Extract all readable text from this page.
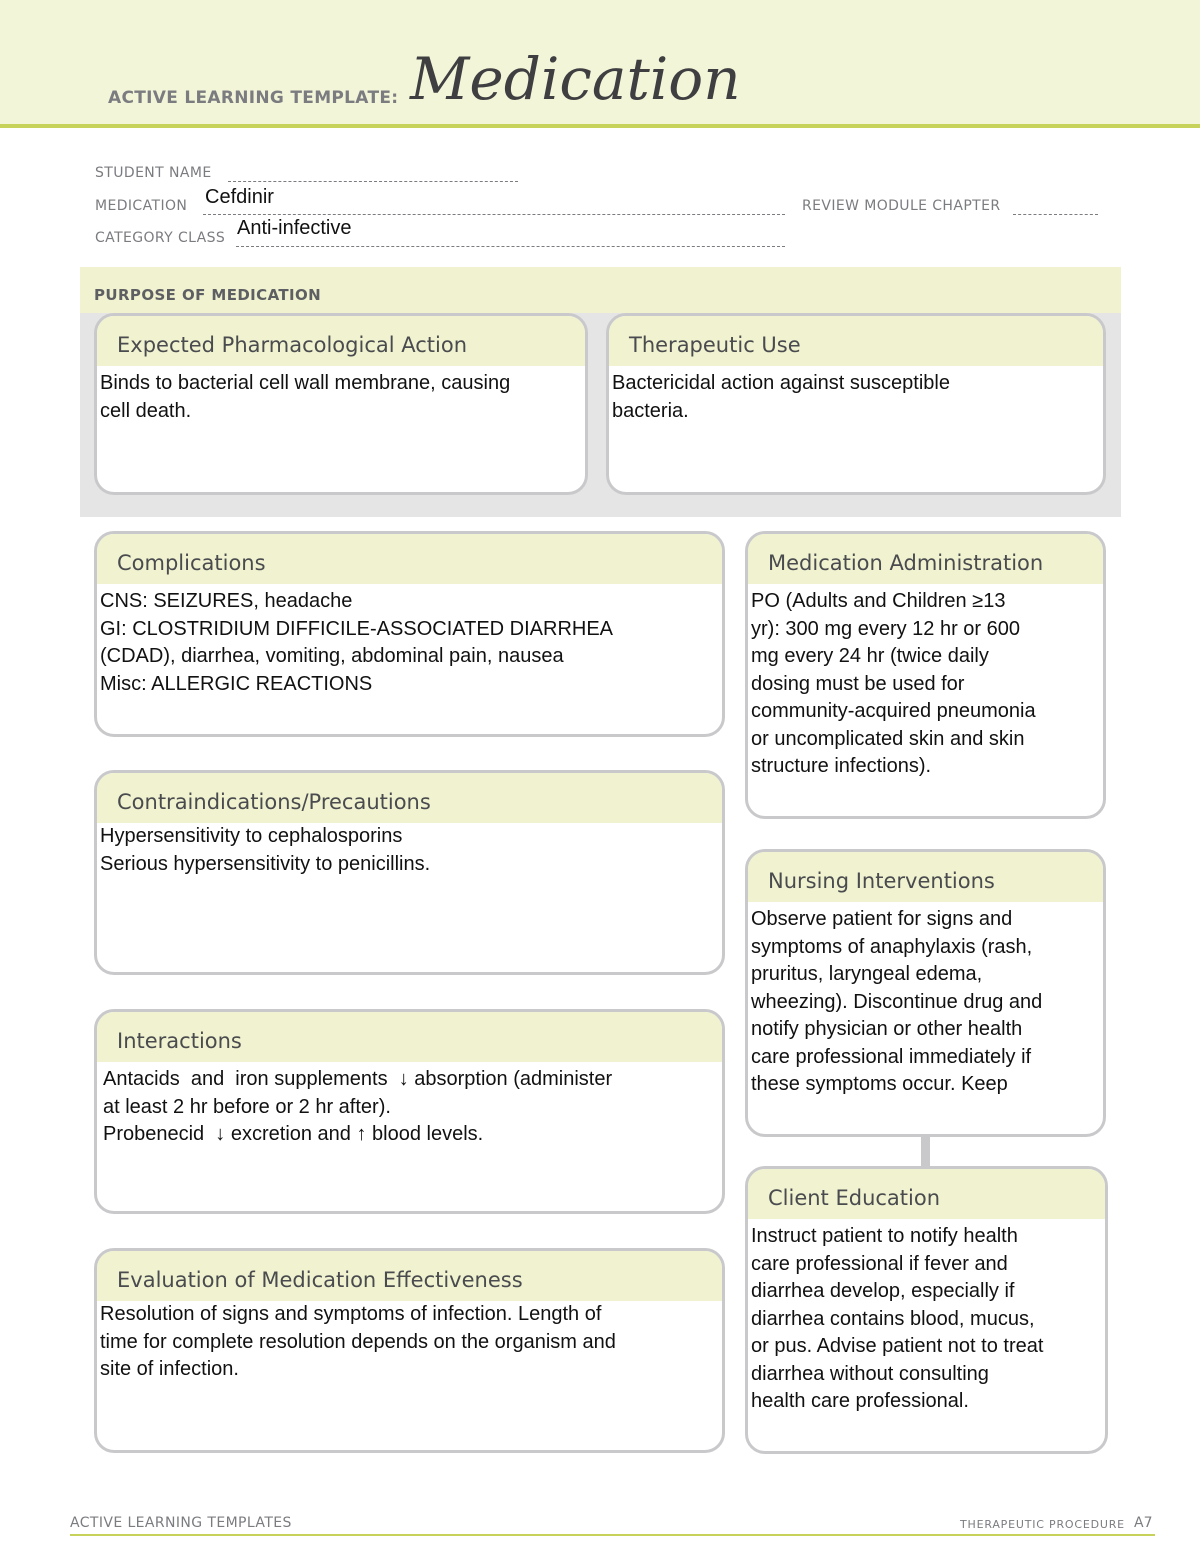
ACTIVE LEARNING TEMPLATE: Medication
STUDENT NAME
MEDICATION Cefdinir	REVIEW MODULE CHAPTER
CATEGORY CLASS Anti-infective
PURPOSE OF MEDICATION
Expected Pharmacological Action
Binds to bacterial cell wall membrane, causing
cell death.
Therapeutic Use
Bactericidal action against susceptible
bacteria.
Complications
CNS: SEIZURES, headache
GI: CLOSTRIDIUM DIFFICILE-ASSOCIATED DIARRHEA
(CDAD), diarrhea, vomiting, abdominal pain, nausea
Misc: ALLERGIC REACTIONS
Contraindications/Precautions
Hypersensitivity to cephalosporins
Serious hypersensitivity to penicillins.
Interactions
Antacids  and  iron supplements  ↓ absorption (administer
at least 2 hr before or 2 hr after).
Probenecid  ↓ excretion and ↑ blood levels.
Evaluation of Medication Effectiveness
Resolution of signs and symptoms of infection. Length of
time for complete resolution depends on the organism and
site of infection.
Medication Administration
PO (Adults and Children ≥13
yr): 300 mg every 12 hr or 600
mg every 24 hr (twice daily
dosing must be used for
community-acquired pneumonia
or uncomplicated skin and skin
structure infections).
Nursing Interventions
Observe patient for signs and
symptoms of anaphylaxis (rash,
pruritus, laryngeal edema,
wheezing). Discontinue drug and
notify physician or other health
care professional immediately if
these symptoms occur. Keep
Client Education
Instruct patient to notify health
care professional if fever and
diarrhea develop, especially if
diarrhea contains blood, mucus,
or pus. Advise patient not to treat
diarrhea without consulting
health care professional.
ACTIVE LEARNING TEMPLATES	THERAPEUTIC PROCEDURE A7
